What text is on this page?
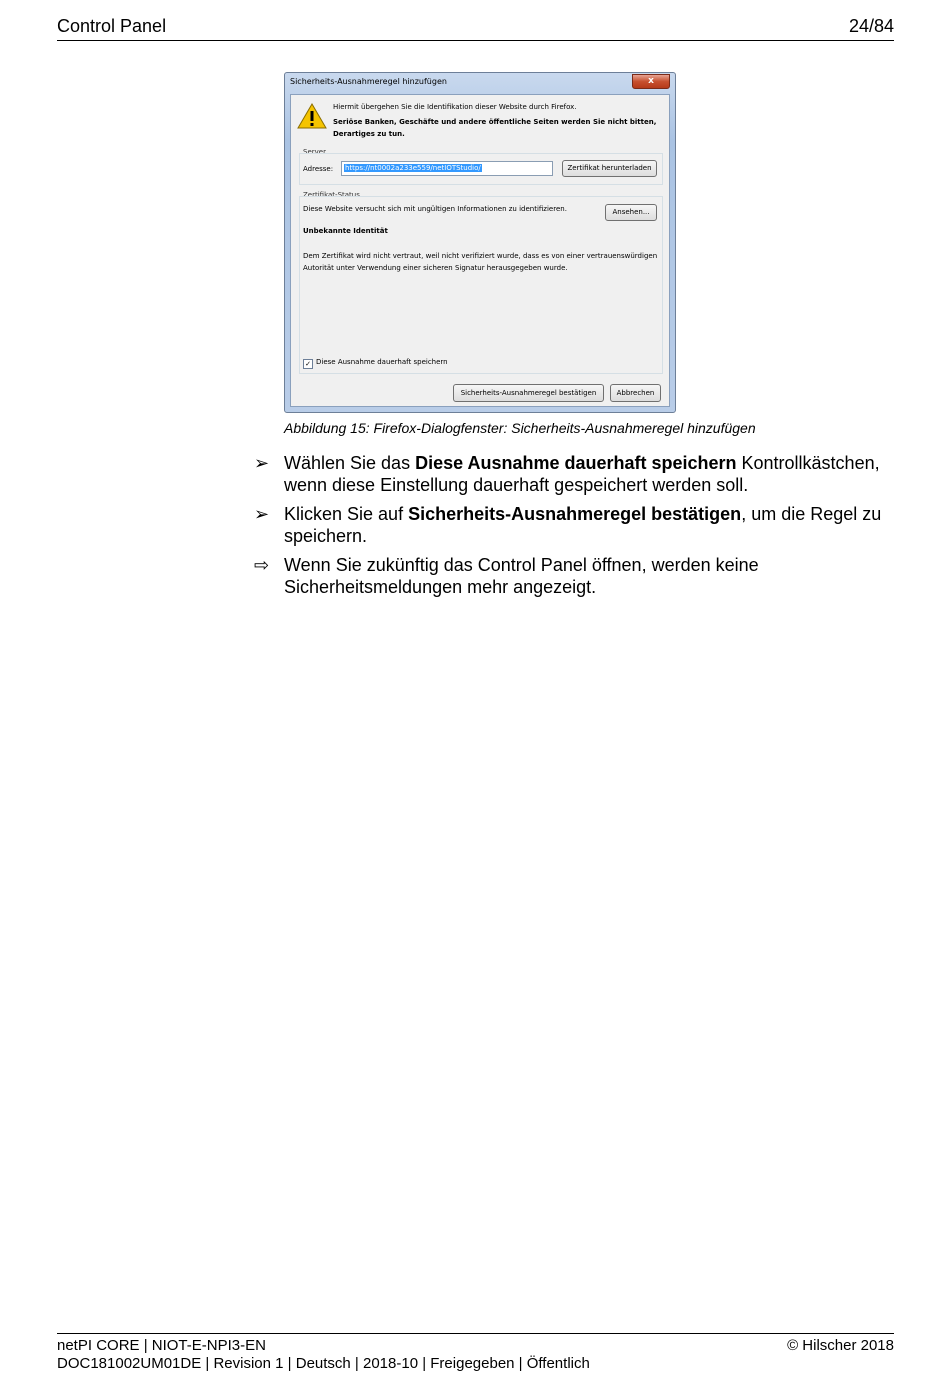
Control Panel	24/84
Sicherheits-Ausnahmeregel hinzufügen	x
Hiermit übergehen Sie die Identifikation dieser Website durch Firefox.
Seriöse Banken, Geschäfte und andere öffentliche Seiten werden Sie nicht bitten, Derartiges zu tun.
Server
Adresse:	https://nt0002a233e559/netIOTStudio/	Zertifikat herunterladen
Zertifikat-Status
Diese Website versucht sich mit ungültigen Informationen zu identifizieren.	Ansehen...
Unbekannte Identität
Dem Zertifikat wird nicht vertraut, weil nicht verifiziert wurde, dass es von einer vertrauenswürdigen Autorität unter Verwendung einer sicheren Signatur herausgegeben wurde.
✓ Diese Ausnahme dauerhaft speichern
Sicherheits-Ausnahmeregel bestätigen	Abbrechen
Abbildung 15: Firefox-Dialogfenster: Sicherheits-Ausnahmeregel hinzufügen
➢ Wählen Sie das Diese Ausnahme dauerhaft speichern Kontrollkästchen, wenn diese Einstellung dauerhaft gespeichert werden soll.
➢ Klicken Sie auf Sicherheits-Ausnahmeregel bestätigen, um die Regel zu speichern.
⇨ Wenn Sie zukünftig das Control Panel öffnen, werden keine Sicherheitsmeldungen mehr angezeigt.
netPI CORE | NIOT-E-NPI3-EN
DOC181002UM01DE | Revision 1 | Deutsch | 2018-10 | Freigegeben | Öffentlich
© Hilscher 2018
